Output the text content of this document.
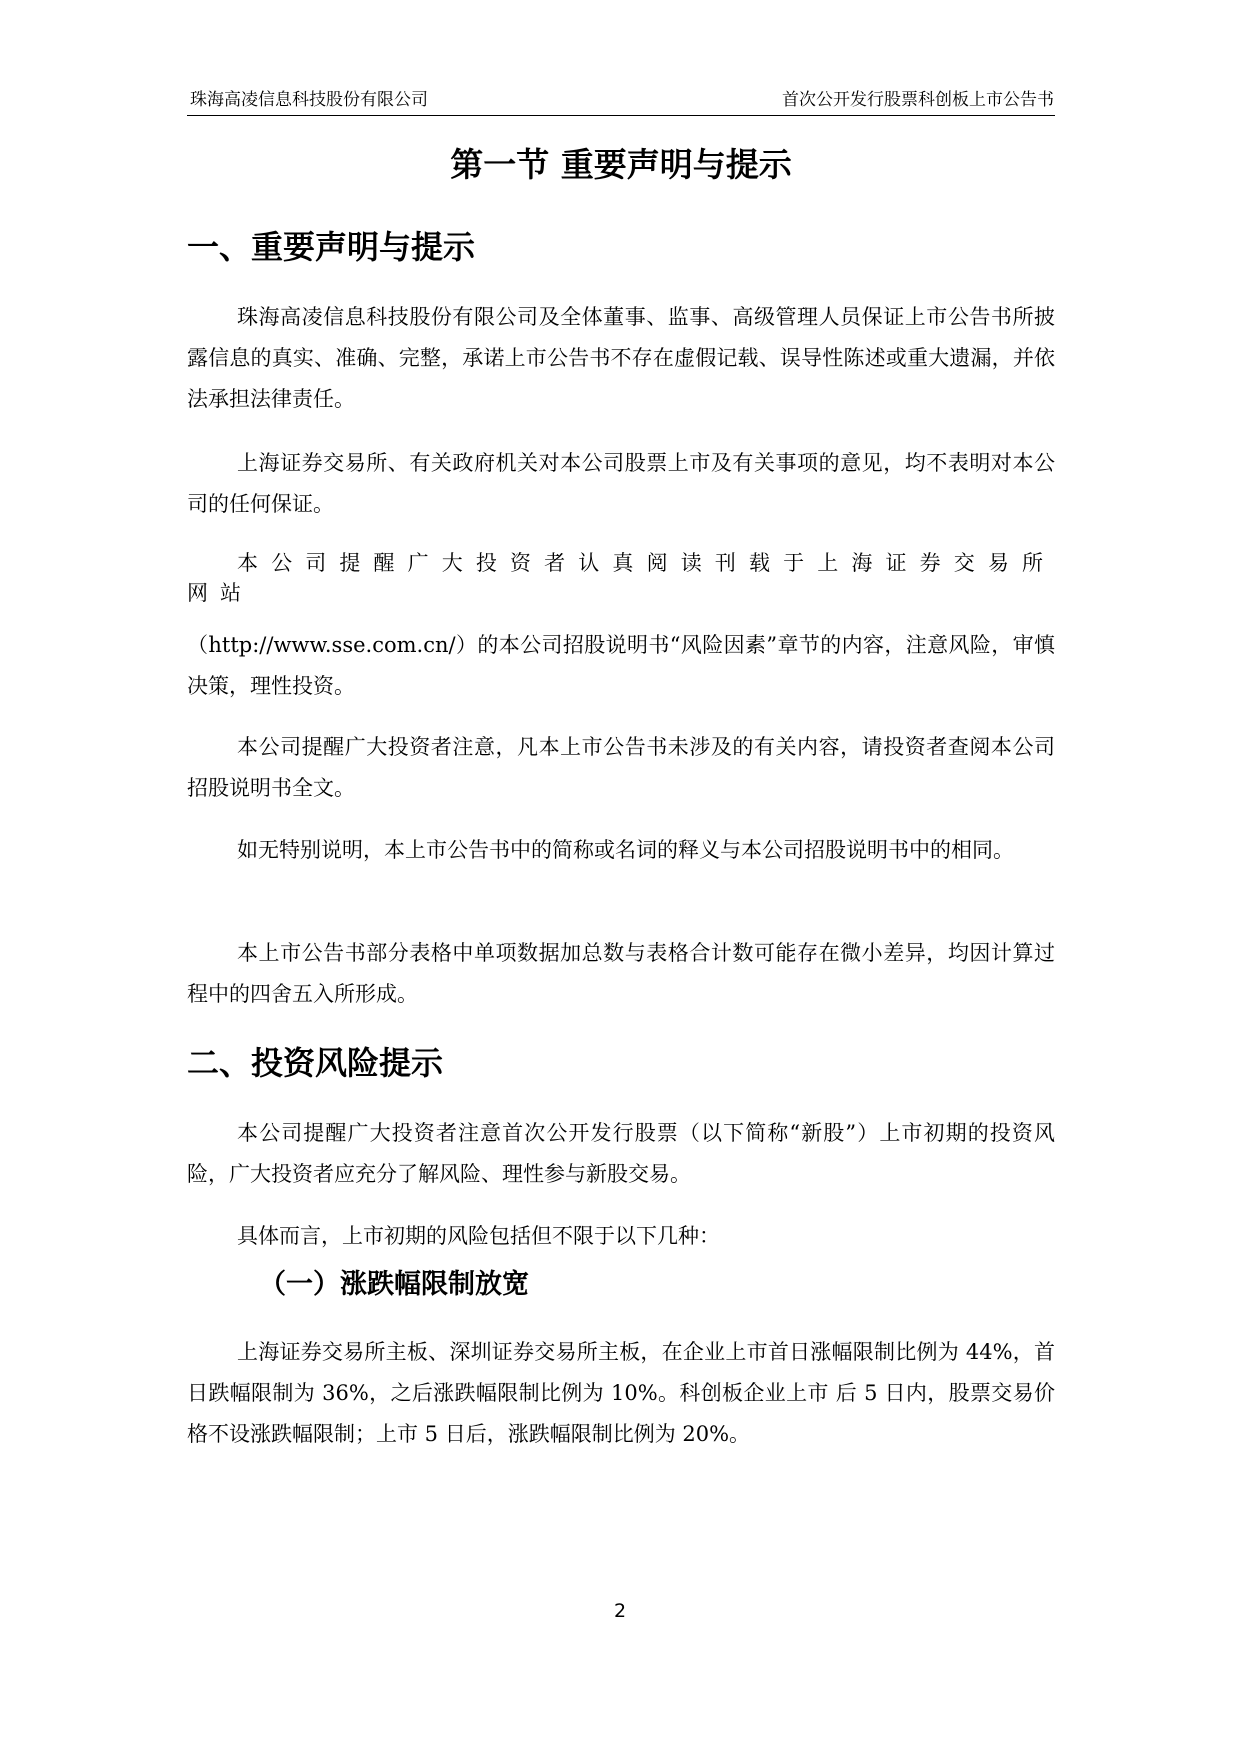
珠海高凌信息科技股份有限公司	首次公开发行股票科创板上市公告书
第一节 重要声明与提示
一、重要声明与提示
珠海高凌信息科技股份有限公司及全体董事、监事、高级管理人员保证上市公告书所披露信息的真实、准确、完整，承诺上市公告书不存在虚假记载、误导性陈述或重大遗漏，并依法承担法律责任。
上海证券交易所、有关政府机关对本公司股票上市及有关事项的意见，均不表明对本公司的任何保证。
本公司提醒广大投资者认真阅读刊载于上海证券交易所网站
（http://www.sse.com.cn/）的本公司招股说明书“风险因素”章节的内容，注意风险，审慎决策，理性投资。
本公司提醒广大投资者注意，凡本上市公告书未涉及的有关内容，请投资者查阅本公司招股说明书全文。
如无特别说明，本上市公告书中的简称或名词的释义与本公司招股说明书中的相同。
本上市公告书部分表格中单项数据加总数与表格合计数可能存在微小差异，均因计算过程中的四舍五入所形成。
二、投资风险提示
本公司提醒广大投资者注意首次公开发行股票（以下简称“新股”）上市初期的投资风险，广大投资者应充分了解风险、理性参与新股交易。
具体而言，上市初期的风险包括但不限于以下几种：
（一）涨跌幅限制放宽
上海证券交易所主板、深圳证券交易所主板，在企业上市首日涨幅限制比例为 44%，首日跌幅限制为 36%，之后涨跌幅限制比例为 10%。科创板企业上市 后 5 日内，股票交易价格不设涨跌幅限制；上市 5 日后，涨跌幅限制比例为 20%。
2
